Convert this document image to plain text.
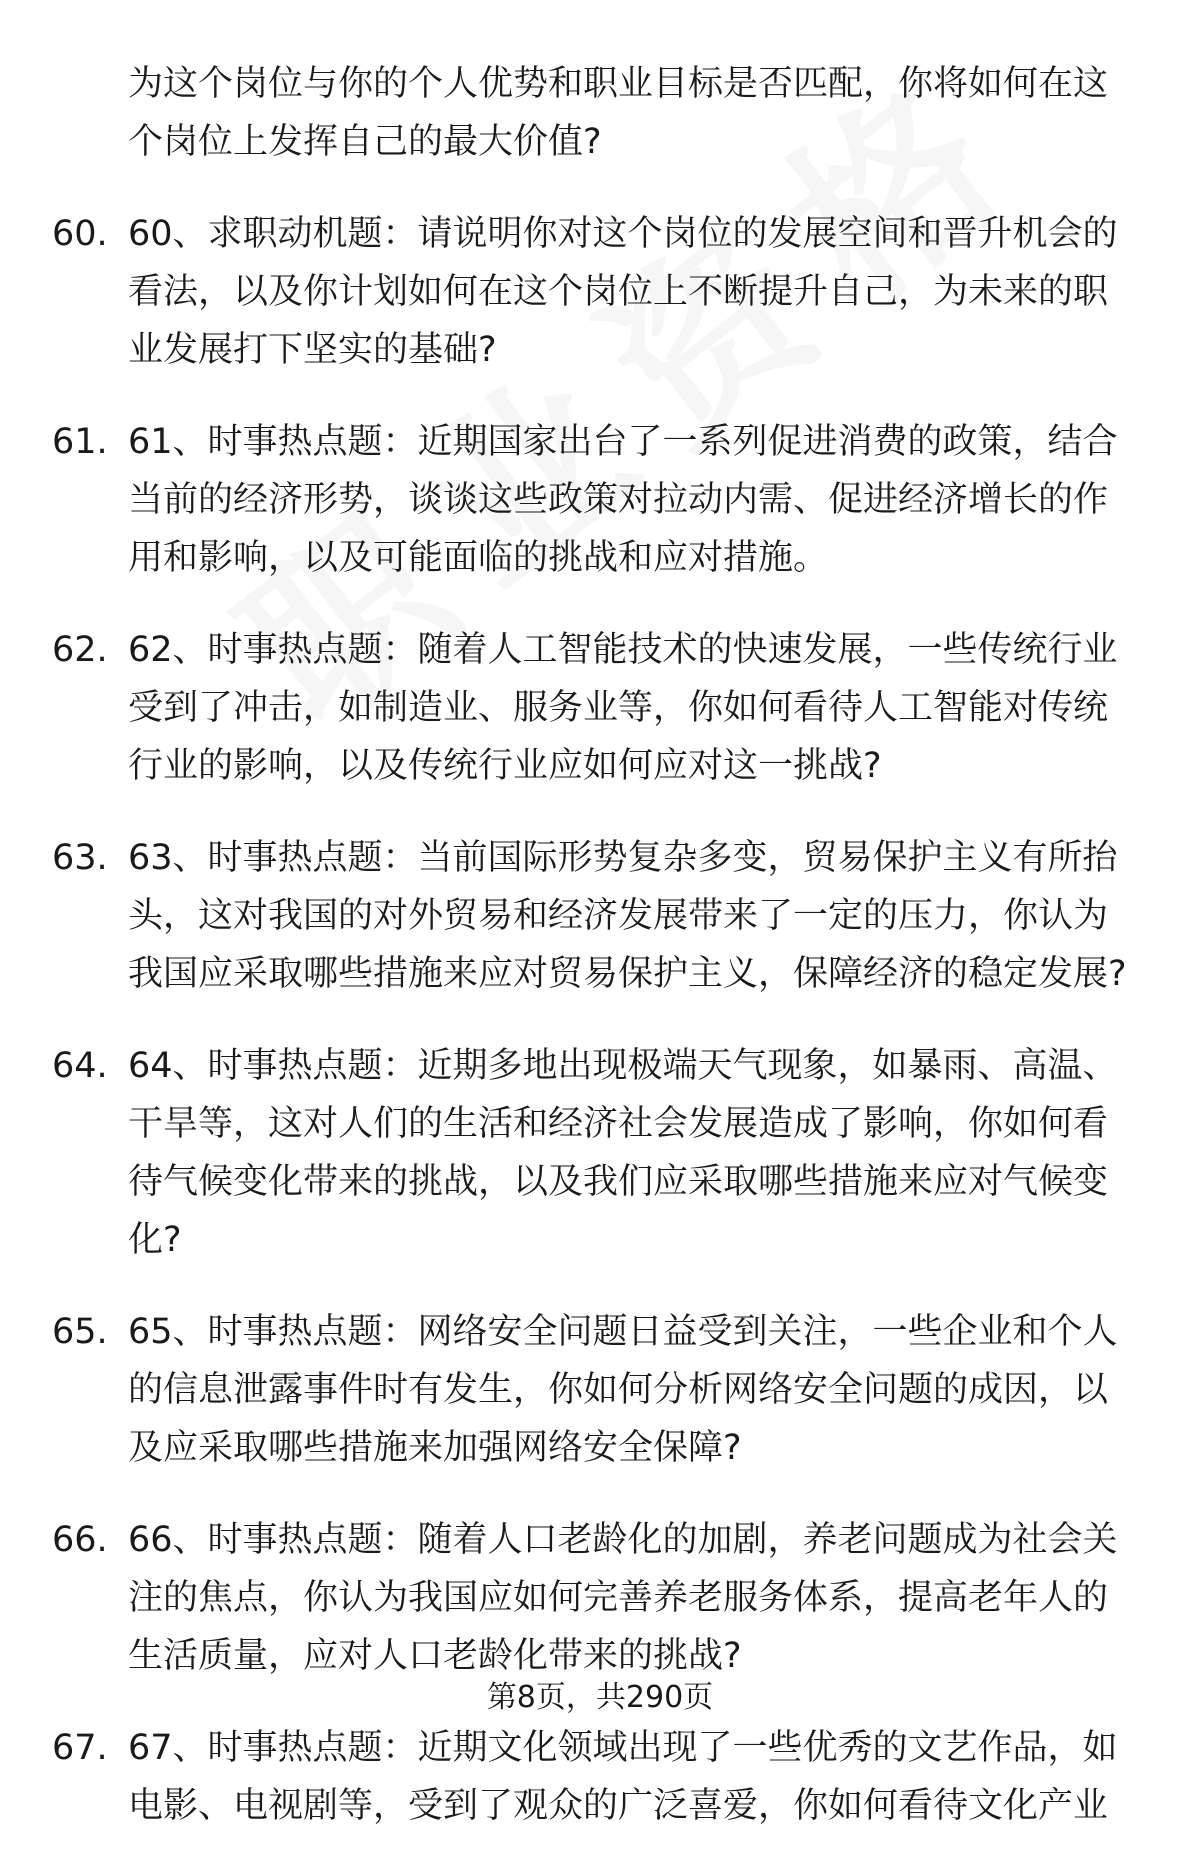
为这个岗位与你的个人优势和职业目标是否匹配，你将如何在这个岗位上发挥自己的最大价值?
60. 60、求职动机题：请说明你对这个岗位的发展空间和晋升机会的看法，以及你计划如何在这个岗位上不断提升自己，为未来的职业发展打下坚实的基础?
61. 61、时事热点题：近期国家出台了一系列促进消费的政策，结合当前的经济形势，谈谈这些政策对拉动内需、促进经济增长的作用和影响，以及可能面临的挑战和应对措施。
62. 62、时事热点题：随着人工智能技术的快速发展，一些传统行业受到了冲击，如制造业、服务业等，你如何看待人工智能对传统行业的影响，以及传统行业应如何应对这一挑战?
63. 63、时事热点题：当前国际形势复杂多变，贸易保护主义有所抬头，这对我国的对外贸易和经济发展带来了一定的压力，你认为我国应采取哪些措施来应对贸易保护主义，保障经济的稳定发展?
64. 64、时事热点题：近期多地出现极端天气现象，如暴雨、高温、干旱等，这对人们的生活和经济社会发展造成了影响，你如何看待气候变化带来的挑战，以及我们应采取哪些措施来应对气候变化?
65. 65、时事热点题：网络安全问题日益受到关注，一些企业和个人的信息泄露事件时有发生，你如何分析网络安全问题的成因，以及应采取哪些措施来加强网络安全保障?
66. 66、时事热点题：随着人口老龄化的加剧，养老问题成为社会关注的焦点，你认为我国应如何完善养老服务体系，提高老年人的生活质量，应对人口老龄化带来的挑战?
67. 67、时事热点题：近期文化领域出现了一些优秀的文艺作品，如电影、电视剧等，受到了观众的广泛喜爱，你如何看待文化产业
第8页，共290页
